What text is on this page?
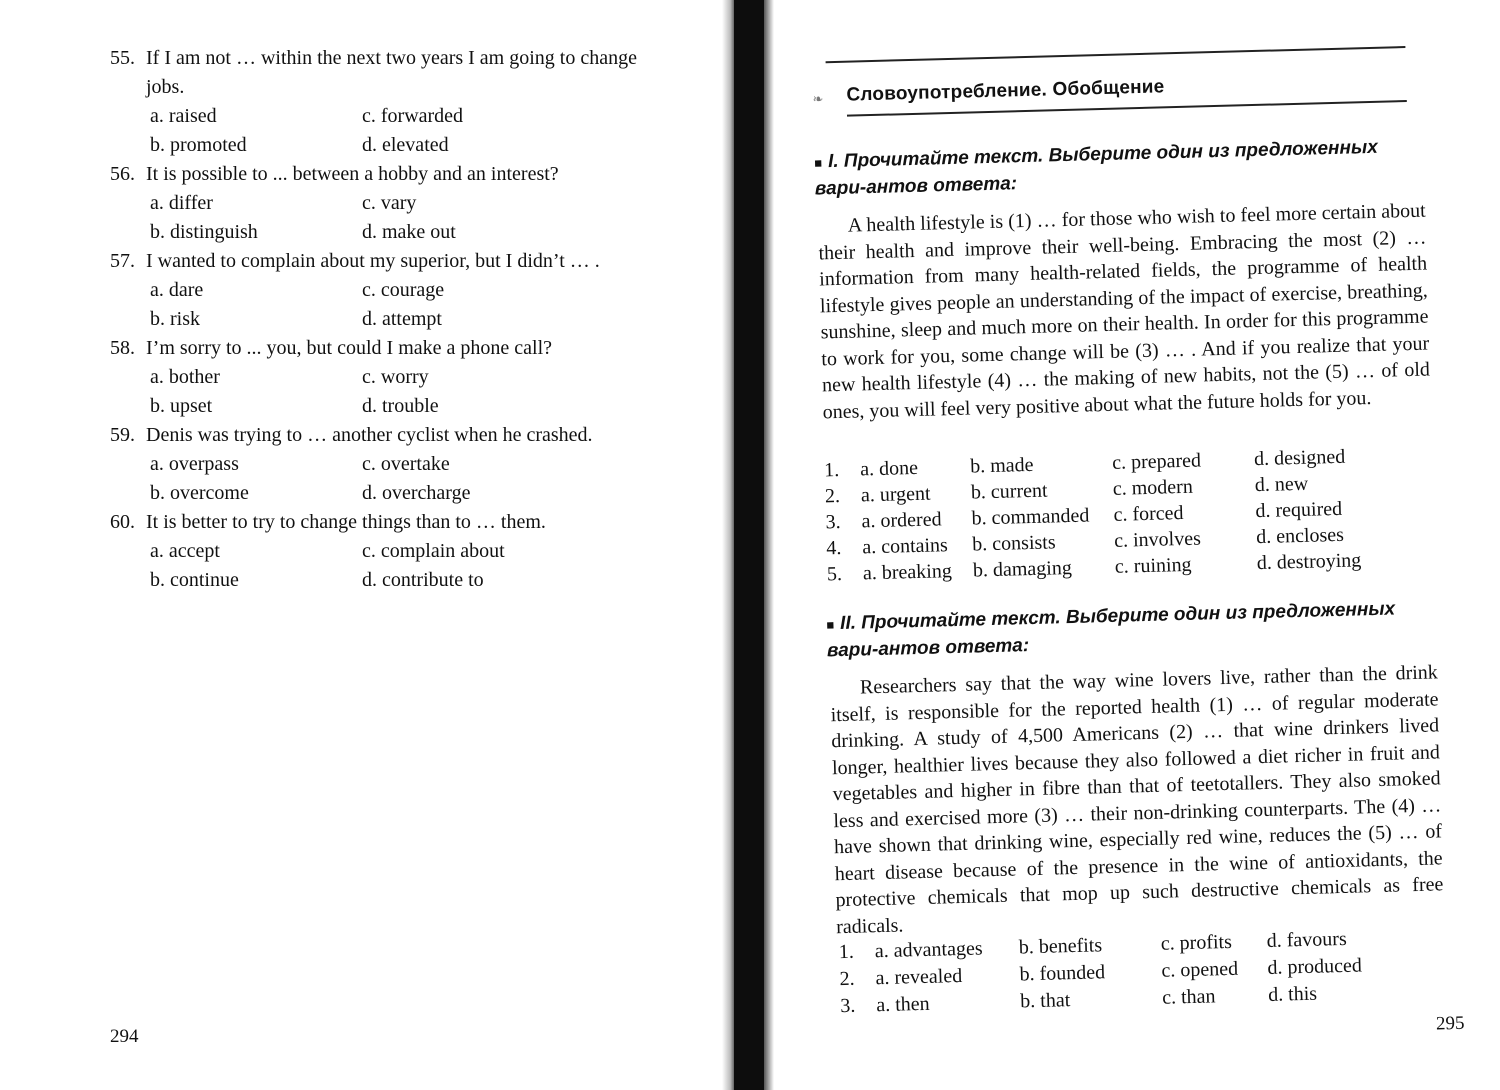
55. If I am not … within the next two years I am going to change
jobs.
a. raised	c. forwarded
b. promoted	d. elevated
56. It is possible to ... between a hobby and an interest?
a. differ	c. vary
b. distinguish	d. make out
57. I wanted to complain about my superior, but I didn’t … .
a. dare	c. courage
b. risk	d. attempt
58. I’m sorry to ... you, but could I make a phone call?
a. bother	c. worry
b. upset	d. trouble
59. Denis was trying to … another cyclist when he crashed.
a. overpass	c. overtake
b. overcome	d. overcharge
60. It is better to try to change things than to … them.
a. accept	c. complain about
b. continue	d. contribute to
294
❧ Словоупотребление. Обобщение
■ I. Прочитайте текст. Выберите один из предложенных вари-антов ответа:

A health lifestyle is (1) … for those who wish to feel more certain about their health and improve their well-being. Embracing the most (2) … information from many health-related fields, the programme of health lifestyle gives people an understanding of the impact of exercise, breathing, sunshine, sleep and much more on their health. In order for this programme to work for you, some change will be (3) … . And if you realize that your new health lifestyle (4) … the making of new habits, not the (5) … of old ones, you will feel very positive about what the future holds for you.

1.	a. done	b. made	c. prepared	d. designed
2.	a. urgent	b. current	c. modern	d. new
3.	a. ordered	b. commanded	c. forced	d. required
4.	a. contains	b. consists	c. involves	d. encloses
5.	a. breaking	b. damaging	c. ruining	d. destroying
■ II. Прочитайте текст. Выберите один из предложенных вари-антов ответа:

Researchers say that the way wine lovers live, rather than the drink itself, is responsible for the reported health (1) … of regular moderate drinking. A study of 4,500 Americans (2) … that wine drinkers lived longer, healthier lives because they also followed a diet richer in fruit and vegetables and higher in fibre than that of teetotallers. They also smoked less and exercised more (3) … their non-drinking counterparts. The (4) … have shown that drinking wine, especially red wine, reduces the (5) … of heart disease because of the presence in the wine of antioxidants, the protective chemicals that mop up such destructive chemicals as free radicals.

1.	a. advantages	b. benefits	c. profits	d. favours
2.	a. revealed	b. founded	c. opened	d. produced
3.	a. then	b. that	c. than	d. this
295
